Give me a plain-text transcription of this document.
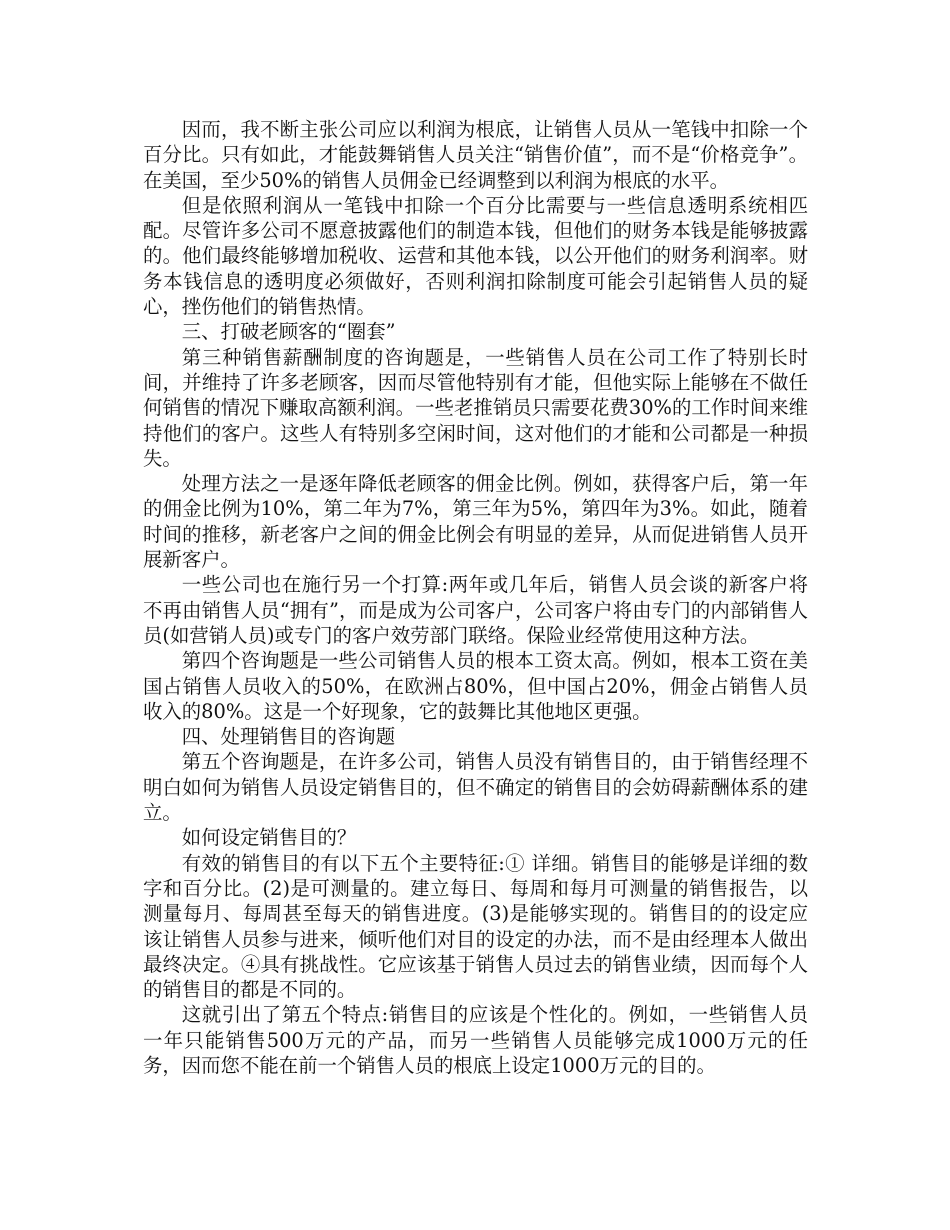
因而，我不断主张公司应以利润为根底，让销售人员从一笔钱中扣除一个百分比。只有如此，才能鼓舞销售人员关注“销售价值”，而不是“价格竞争”。在美国，至少50%的销售人员佣金已经调整到以利润为根底的水平。

但是依照利润从一笔钱中扣除一个百分比需要与一些信息透明系统相匹配。尽管许多公司不愿意披露他们的制造本钱，但他们的财务本钱是能够披露的。他们最终能够增加税收、运营和其他本钱，以公开他们的财务利润率。财务本钱信息的透明度必须做好，否则利润扣除制度可能会引起销售人员的疑心，挫伤他们的销售热情。

三、打破老顾客的“圈套”

第三种销售薪酬制度的咨询题是，一些销售人员在公司工作了特别长时间，并维持了许多老顾客，因而尽管他特别有才能，但他实际上能够在不做任何销售的情况下赚取高额利润。一些老推销员只需要花费30%的工作时间来维持他们的客户。这些人有特别多空闲时间，这对他们的才能和公司都是一种损失。

处理方法之一是逐年降低老顾客的佣金比例。例如，获得客户后，第一年的佣金比例为10%，第二年为7%，第三年为5%，第四年为3%。如此，随着时间的推移，新老客户之间的佣金比例会有明显的差异，从而促进销售人员开展新客户。

一些公司也在施行另一个打算:两年或几年后，销售人员会谈的新客户将不再由销售人员“拥有”，而是成为公司客户，公司客户将由专门的内部销售人员(如营销人员)或专门的客户效劳部门联络。保险业经常使用这种方法。

第四个咨询题是一些公司销售人员的根本工资太高。例如，根本工资在美国占销售人员收入的50%，在欧洲占80%，但中国占20%，佣金占销售人员收入的80%。这是一个好现象，它的鼓舞比其他地区更强。

四、处理销售目的咨询题

第五个咨询题是，在许多公司，销售人员没有销售目的，由于销售经理不明白如何为销售人员设定销售目的，但不确定的销售目的会妨碍薪酬体系的建立。

如何设定销售目的？

有效的销售目的有以下五个主要特征:① 详细。销售目的能够是详细的数字和百分比。(2)是可测量的。建立每日、每周和每月可测量的销售报告，以测量每月、每周甚至每天的销售进度。(3)是能够实现的。销售目的的设定应该让销售人员参与进来，倾听他们对目的设定的办法，而不是由经理本人做出最终决定。④具有挑战性。它应该基于销售人员过去的销售业绩，因而每个人的销售目的都是不同的。

这就引出了第五个特点:销售目的应该是个性化的。例如，一些销售人员一年只能销售500万元的产品，而另一些销售人员能够完成1000万元的任务，因而您不能在前一个销售人员的根底上设定1000万元的目的。
